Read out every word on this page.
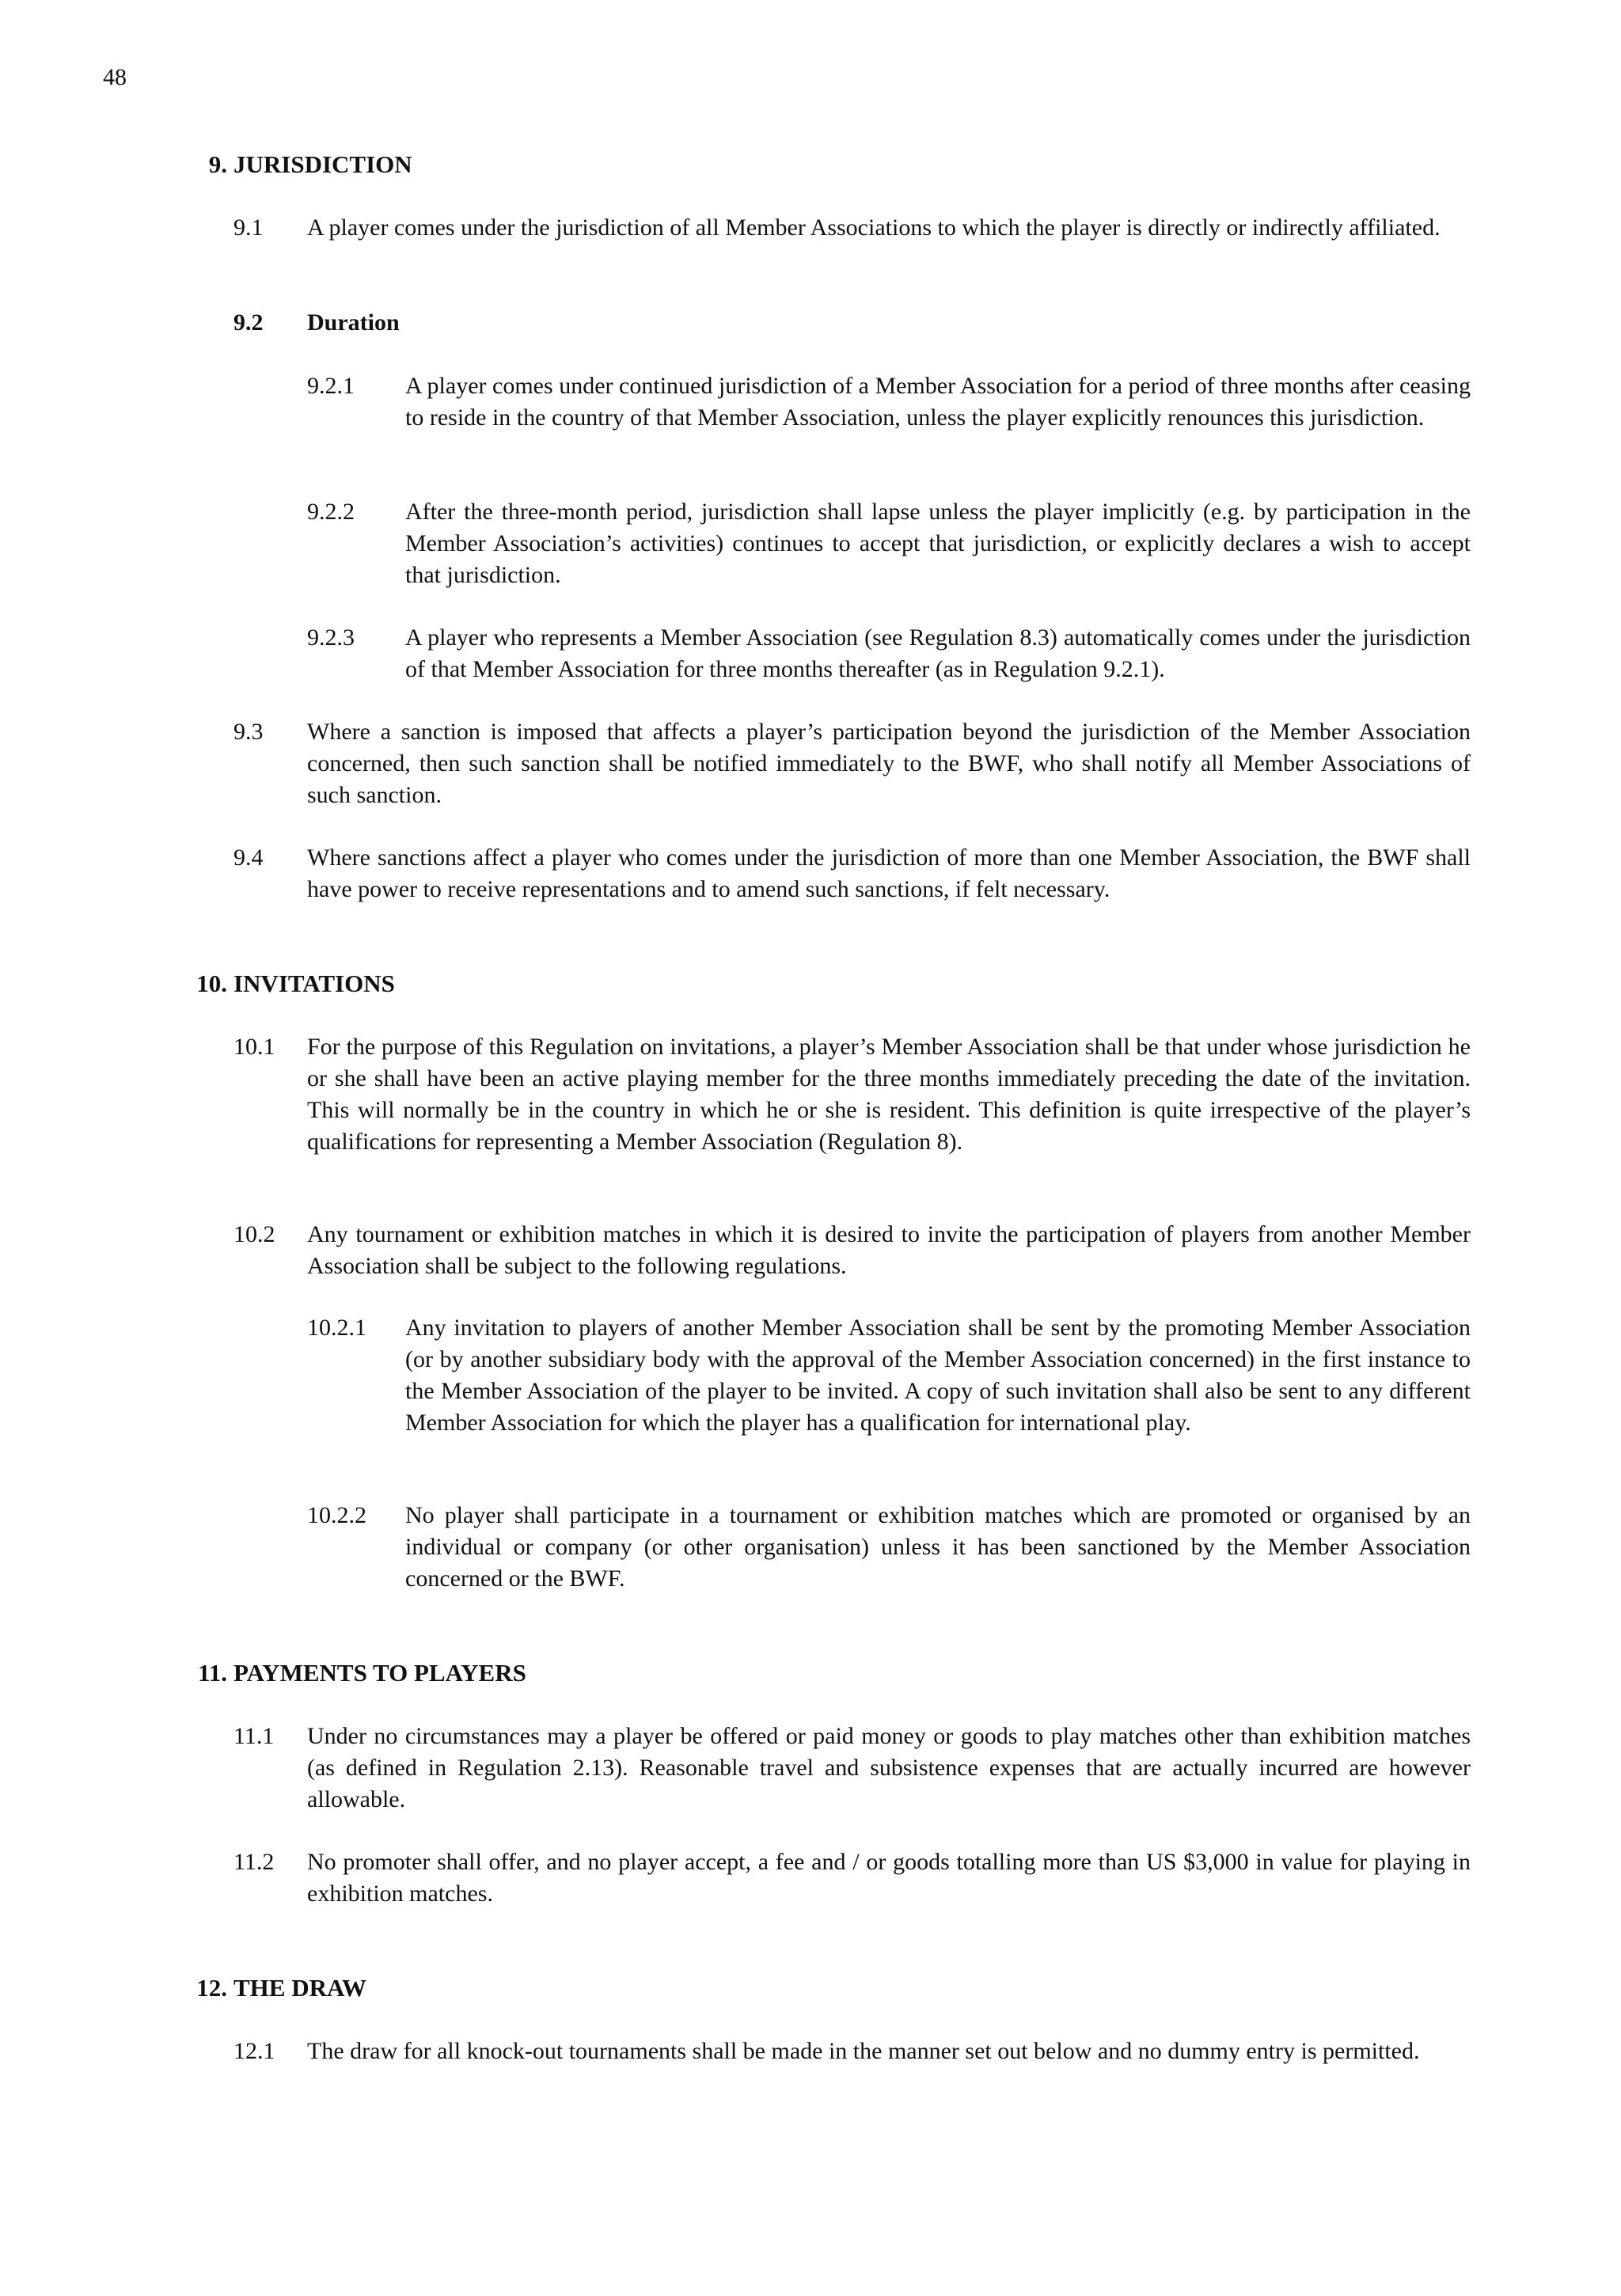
48
9. JURISDICTION
9.1 A player comes under the jurisdiction of all Member Associations to which the player is directly or indirectly affiliated.
9.2 Duration
9.2.1 A player comes under continued jurisdiction of a Member Association for a period of three months after ceasing to reside in the country of that Member Association, unless the player explicitly renounces this jurisdiction.
9.2.2 After the three-month period, jurisdiction shall lapse unless the player implicitly (e.g. by participation in the Member Association’s activities) continues to accept that jurisdiction, or explicitly declares a wish to accept that jurisdiction.
9.2.3 A player who represents a Member Association (see Regulation 8.3) automatically comes under the jurisdiction of that Member Association for three months thereafter (as in Regulation 9.2.1).
9.3 Where a sanction is imposed that affects a player’s participation beyond the jurisdiction of the Member Association concerned, then such sanction shall be notified immediately to the BWF, who shall notify all Member Associations of such sanction.
9.4 Where sanctions affect a player who comes under the jurisdiction of more than one Member Association, the BWF shall have power to receive representations and to amend such sanctions, if felt necessary.
10. INVITATIONS
10.1 For the purpose of this Regulation on invitations, a player’s Member Association shall be that under whose jurisdiction he or she shall have been an active playing member for the three months immediately preceding the date of the invitation. This will normally be in the country in which he or she is resident. This definition is quite irrespective of the player’s qualifications for representing a Member Association (Regulation 8).
10.2 Any tournament or exhibition matches in which it is desired to invite the participation of players from another Member Association shall be subject to the following regulations.
10.2.1 Any invitation to players of another Member Association shall be sent by the promoting Member Association (or by another subsidiary body with the approval of the Member Association concerned) in the first instance to the Member Association of the player to be invited. A copy of such invitation shall also be sent to any different Member Association for which the player has a qualification for international play.
10.2.2 No player shall participate in a tournament or exhibition matches which are promoted or organised by an individual or company (or other organisation) unless it has been sanctioned by the Member Association concerned or the BWF.
11. PAYMENTS TO PLAYERS
11.1 Under no circumstances may a player be offered or paid money or goods to play matches other than exhibition matches (as defined in Regulation 2.13). Reasonable travel and subsistence expenses that are actually incurred are however allowable.
11.2 No promoter shall offer, and no player accept, a fee and / or goods totalling more than US $3,000 in value for playing in exhibition matches.
12. THE DRAW
12.1 The draw for all knock-out tournaments shall be made in the manner set out below and no dummy entry is permitted.
